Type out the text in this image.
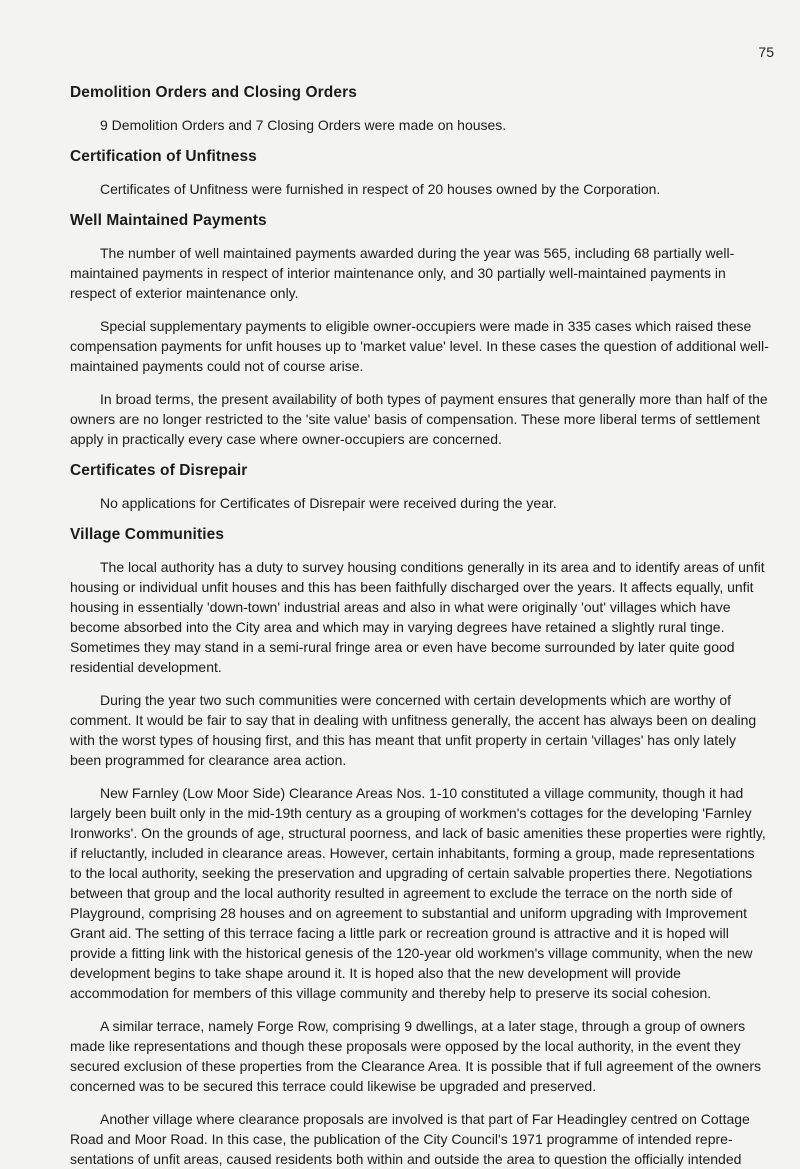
75
Demolition Orders and Closing Orders

9 Demolition Orders and 7 Closing Orders were made on houses.

Certification of Unfitness

Certificates of Unfitness were furnished in respect of 20 houses owned by the Corporation.

Well Maintained Payments

The number of well maintained payments awarded during the year was 565, including 68 partially well-maintained payments in respect of interior maintenance only, and 30 partially well-maintained payments in respect of exterior maintenance only.

Special supplementary payments to eligible owner-occupiers were made in 335 cases which raised these compensation payments for unfit houses up to 'market value' level. In these cases the question of additional well-maintained payments could not of course arise.

In broad terms, the present availability of both types of payment ensures that generally more than half of the owners are no longer restricted to the 'site value' basis of compensation. These more liberal terms of settlement apply in practically every case where owner-occupiers are concerned.

Certificates of Disrepair

No applications for Certificates of Disrepair were received during the year.

Village Communities

The local authority has a duty to survey housing conditions generally in its area and to identify areas of unfit housing or individual unfit houses and this has been faithfully discharged over the years. It affects equally, unfit housing in essentially 'down-town' industrial areas and also in what were originally 'out' villages which have become absorbed into the City area and which may in varying degrees have retained a slightly rural tinge. Sometimes they may stand in a semi-rural fringe area or even have become surrounded by later quite good residential development.

During the year two such communities were concerned with certain developments which are worthy of comment. It would be fair to say that in dealing with unfitness generally, the accent has always been on dealing with the worst types of housing first, and this has meant that unfit property in certain 'villages' has only lately been programmed for clearance area action.

New Farnley (Low Moor Side) Clearance Areas Nos. 1-10 constituted a village community, though it had largely been built only in the mid-19th century as a grouping of workmen's cottages for the developing 'Farnley Ironworks'. On the grounds of age, structural poorness, and lack of basic amenities these properties were rightly, if reluctantly, included in clearance areas. However, certain inhabitants, forming a group, made representations to the local authority, seeking the preservation and upgrading of certain salvable properties there. Negotiations between that group and the local authority resulted in agreement to exclude the terrace on the north side of Playground, comprising 28 houses and on agreement to substantial and uniform upgrading with Improvement Grant aid. The setting of this terrace facing a little park or recreation ground is attractive and it is hoped will provide a fitting link with the historical genesis of the 120-year old workmen's village community, when the new development begins to take shape around it. It is hoped also that the new development will provide accommodation for members of this village community and thereby help to preserve its social cohesion.

A similar terrace, namely Forge Row, comprising 9 dwellings, at a later stage, through a group of owners made like representations and though these proposals were opposed by the local authority, in the event they secured exclusion of these properties from the Clearance Area. It is possible that if full agreement of the owners concerned was to be secured this terrace could likewise be upgraded and preserved.

Another village where clearance proposals are involved is that part of Far Headingley centred on Cottage Road and Moor Road. In this case, the publication of the City Council's 1971 programme of intended repre-sentations of unfit areas, caused residents both within and outside the area to question the officially intended
